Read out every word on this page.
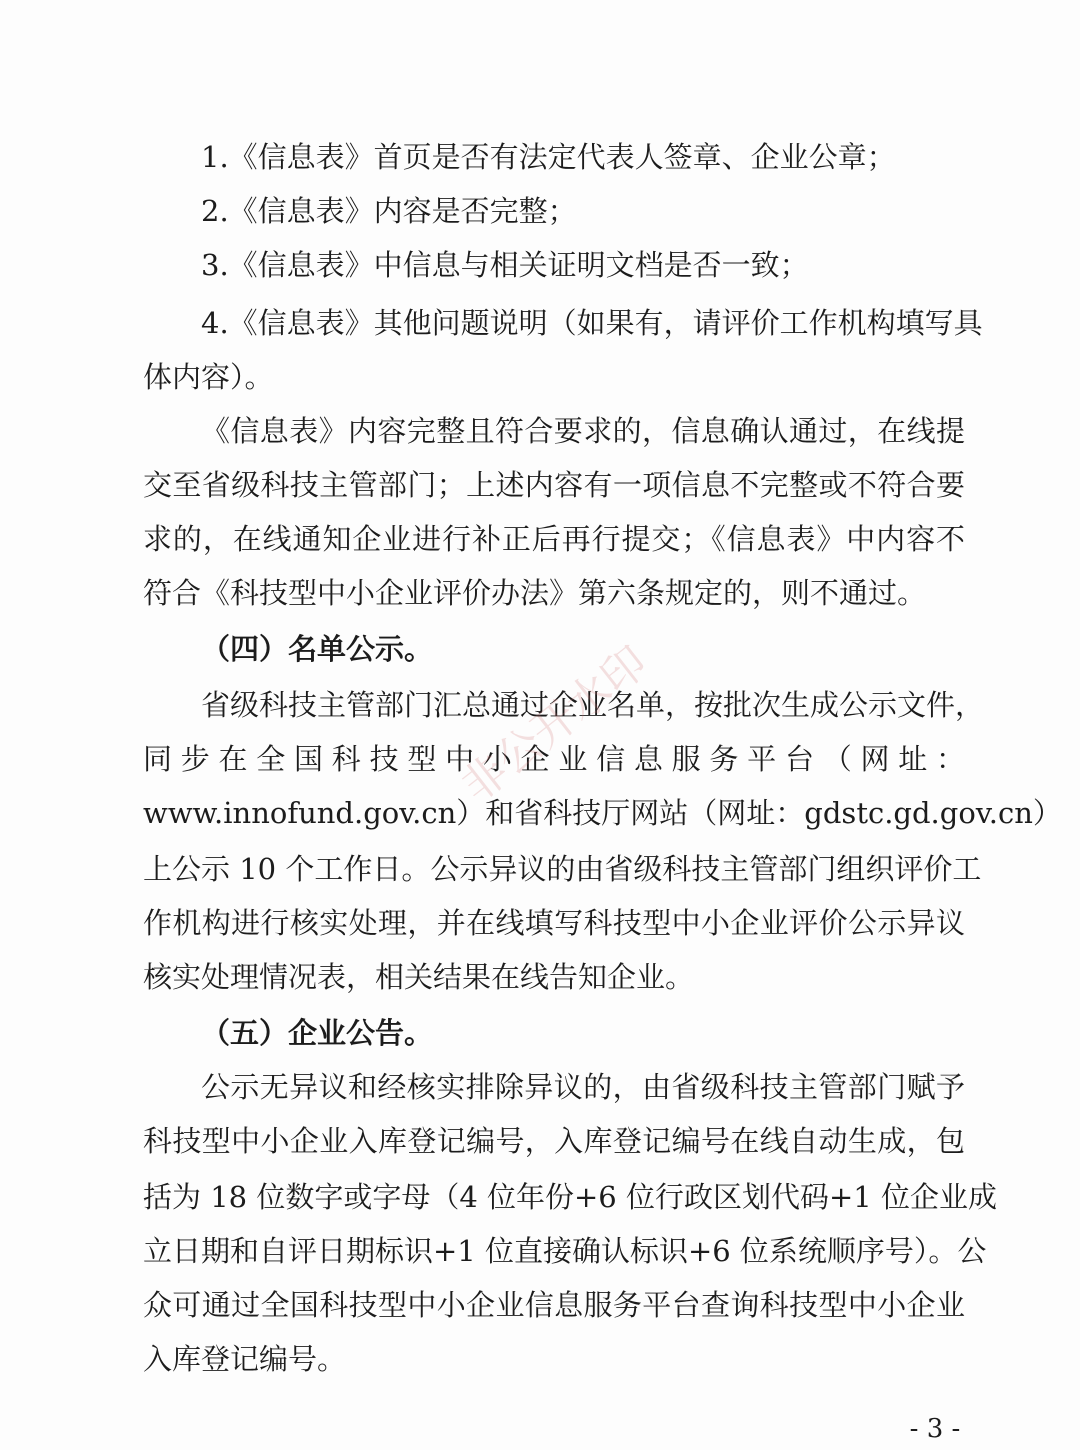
1.《信息表》首页是否有法定代表人签章、企业公章；
2.《信息表》内容是否完整；
3.《信息表》中信息与相关证明文档是否一致；
4.《信息表》其他问题说明（如果有，请评价工作机构填写具
体内容）。
《信息表》内容完整且符合要求的，信息确认通过，在线提
交至省级科技主管部门；上述内容有一项信息不完整或不符合要
求的，在线通知企业进行补正后再行提交；《信息表》中内容不
符合《科技型中小企业评价办法》第六条规定的，则不通过。
（四）名单公示。
省级科技主管部门汇总通过企业名单，按批次生成公示文件，
同步在全国科技型中小企业信息服务平台（网址：
www.innofund.gov.cn）和省科技厅网站（网址：gdstc.gd.gov.cn）
上公示 10 个工作日。公示异议的由省级科技主管部门组织评价工
作机构进行核实处理，并在线填写科技型中小企业评价公示异议
核实处理情况表，相关结果在线告知企业。
（五）企业公告。
公示无异议和经核实排除异议的，由省级科技主管部门赋予
科技型中小企业入库登记编号，入库登记编号在线自动生成，包
括为 18 位数字或字母（4 位年份+6 位行政区划代码+1 位企业成
立日期和自评日期标识+1 位直接确认标识+6 位系统顺序号）。公
众可通过全国科技型中小企业信息服务平台查询科技型中小企业
入库登记编号。
非公开水印
- 3 -
